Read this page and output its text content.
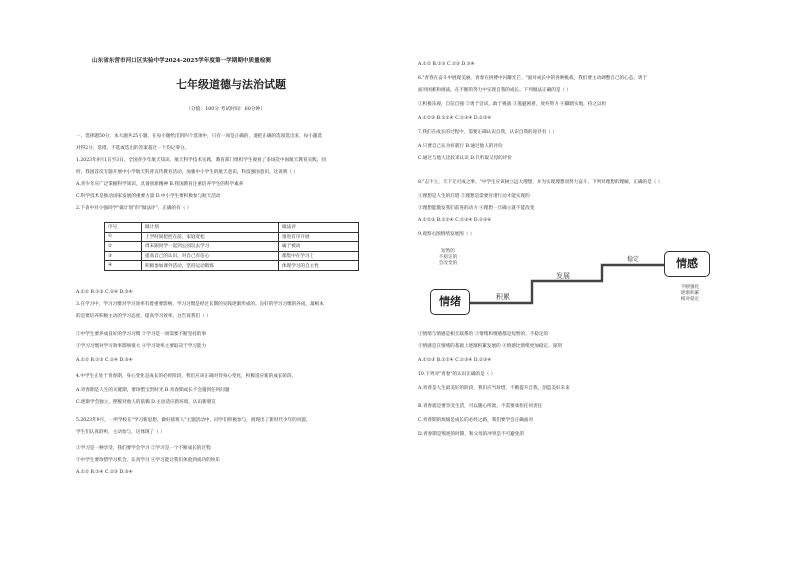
山东省东营市河口区实验中学2024-2025学年度第一学期期中质量检测
七年级道德与法治试题
（分值：100分 考试时间：60分钟）
一、选择题50分，本大题共25小题，在每小题给出的四个选项中，只有一项是正确的，请把正确的选项选出来，每小题选
对得2分，选错、不选或选出的答案超过一个均记零分。
1.2023年9月1日至3日，全国青少年航天知识、航天科学技术实践，教育部门组织学生观看了多场次中国航天教育实践，同
时，我国首次专题开展中小学航天科普宣传教育活动，加强中小学生的航天意识、科技强国意识。这说明（ ）
A.青少年应广泛掌握科学知识，具备创新精神 B.我国教育注重培养学生的科学素养
C.科学技术是推动国家发展的重要力量 D.中小学生要积极参与航天活动
2.下表中对小强同学"做计划"的"做法评"，正确的有（ ）
序号	做计划	做法评
①	上学时间把控在前，家庭宽松	推进有序开展
②	周末跟同学一起到公园玩去学习	属于被动
③	提高自己的认识，对自己有信心	都集中在学习上
④	积极参加课外活动，坚持运动锻炼	体现学习的自主性
A.①② B.①③ C.②④ D.③④
3.在学习中，学习习惯对学习效率有着重要影响，学习习惯是经过长期的实践逐渐形成的。良好的学习习惯的养成，最根本
的是要培养积极主动的学习态度，提高学习效率。这告诉我们（ ）
①中学生要养成良好的学习习惯 ②学习是一项需要不断坚持的事
③学习习惯对学习效率影响很大 ④学习效率主要取决于学习能力
A.①② B.①③ C.②④ D.③④
4.中学生正处于青春期，身心变化是成长的必经阶段，我们应该正确对待身心变化，积极适应新的成长阶段。
A.青春期是人生的关键期，要珍惜宝贵时光 B.青春期成长不会遇到任何问题
C.逐渐学会独立，摆脱对他人的依赖 D.主动适应新环境，认识新朋友
5.2023年9月，一所学校在"学习新思想、做好接班人"主题活动中，同学们积极参与，展现出了新时代少年的风貌。
学生们认真聆听，主动参与，这体现了（ ）
①学习是一种享受，我们要学会学习 ②学习是一个不断成长的过程
③中学生要珍惜学习机会，认真学习 ④学习能让我们体验到成功的快乐
A.①② B.①④ C.②③ D.③④
A.①② B.①③ C.②③ D.③④
6."青春在奋斗中展现美丽，青春在拼搏中闪耀光芒。"面对成长中的各种挑战，我们要主动调整自己的心态，勇于
面对困难和挑战，在不断的努力中实现自我的成长。下列做法正确的是（ ）
①积极乐观，自信自强 ②勇于尝试，敢于挑战 ③逃避困难，放弃努力 ④脚踏实地，持之以恒
A.①②③ B.①②④ C.①③④ D.②③④
7.我们在成长的过程中，需要正确认识自我，认识自我的途径有（ ）
A.只要自己认为好就行 B.通过他人的评价
C.通过与他人比较来认识 D.只听取父母的评价
8."志不立，天下无可成之事。"中学生应该树立远大理想，并为实现理想而努力奋斗，下列对理想的理解，正确的是（ ）
①理想是人生的灯塔 ②理想是需要付诸行动才能实现的
③理想能激发我们前进的动力 ④理想一旦确立就不能改变
A.①②③ B.①②④ C.①③④ D.②③④
9.观察右图情绪发展图（ ）
情绪
情感
积累
发展
稳定
短暂的
不稳定的
会改变的
不断强化
逐渐积累
相对稳定
①情绪与情感是相互联系的 ②情绪和情感都是短暂的、不稳定的
③情感是在情绪的基础上逐渐积累发展的 ④情感比情绪更加稳定、深刻
A.①②③ B.①②④ C.①③④ D.②③④
10.下列对"青春"的认识正确的是（ ）
A.青春是人生最美好的阶段，我们应当珍惜，不断提升自我，创造美好未来
B.青春就是要享受生活，可以随心所欲，不需要承担任何责任
C.青春期的烦恼是成长的必经之路，我们要学会正确面对
D.青春期是叛逆的时期，和父母的冲突是不可避免的
